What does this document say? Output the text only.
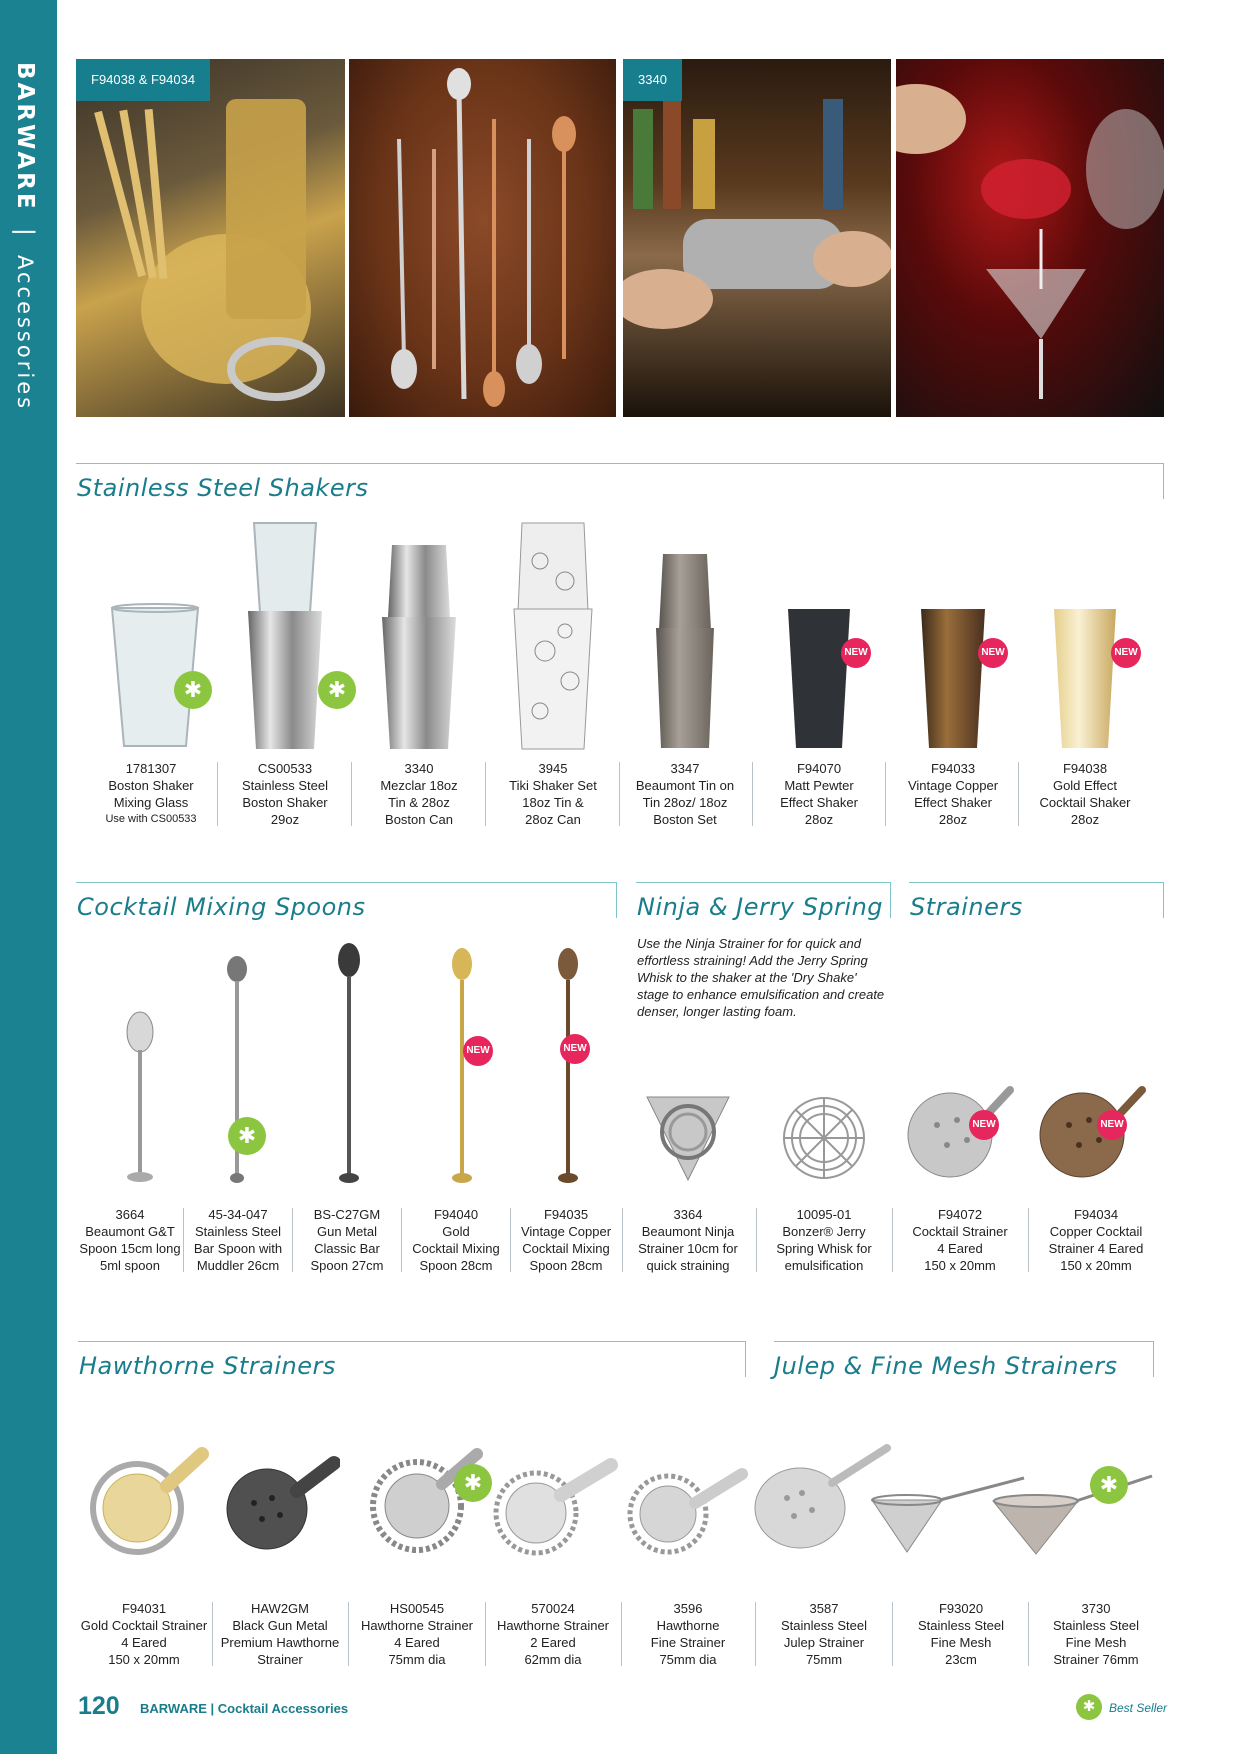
BARWARE | Accessories
F94038 & F94034	3340
Stainless Steel Shakers
✱	✱
NEW	NEW	NEW
1781307
Boston Shaker
Mixing Glass
Use with CS00533
CS00533
Stainless Steel
Boston Shaker
29oz
3340
Mezclar 18oz
Tin & 28oz
Boston Can
3945
Tiki Shaker Set
18oz Tin &
28oz Can
3347
Beaumont Tin on
Tin 28oz/ 18oz
Boston Set
F94070
Matt Pewter
Effect Shaker
28oz
F94033
Vintage Copper
Effect Shaker
28oz
F94038
Gold Effect
Cocktail Shaker
28oz
Cocktail Mixing Spoons	Ninja & Jerry Spring Strainers
Use the Ninja Strainer for for quick and effortless straining! Add the Jerry Spring Whisk to the shaker at the 'Dry Shake' stage to enhance emulsification and create denser, longer lasting foam.
✱
NEW	NEW
NEW	NEW
3664
Beaumont G&T
Spoon 15cm long
5ml spoon
45-34-047
Stainless Steel
Bar Spoon with
Muddler 26cm
BS-C27GM
Gun Metal
Classic Bar
Spoon 27cm
F94040
Gold
Cocktail Mixing
Spoon 28cm
F94035
Vintage Copper
Cocktail Mixing
Spoon 28cm
3364
Beaumont Ninja
Strainer 10cm for
quick straining
10095-01
Bonzer® Jerry
Spring Whisk for
emulsification
F94072
Cocktail Strainer
4 Eared
150 x 20mm
F94034
Copper Cocktail
Strainer 4 Eared
150 x 20mm
Hawthorne Strainers	Julep & Fine Mesh Strainers
✱	✱
F94031
Gold Cocktail Strainer
4 Eared
150 x 20mm
HAW2GM
Black Gun Metal
Premium Hawthorne
Strainer
HS00545
Hawthorne Strainer
4 Eared
75mm dia
570024
Hawthorne Strainer
2 Eared
62mm dia
3596
Hawthorne
Fine Strainer
75mm dia
3587
Stainless Steel
Julep Strainer
75mm
F93020
Stainless Steel
Fine Mesh
23cm
3730
Stainless Steel
Fine Mesh
Strainer 76mm
120 BARWARE | Cocktail Accessories	✱	Best Seller
